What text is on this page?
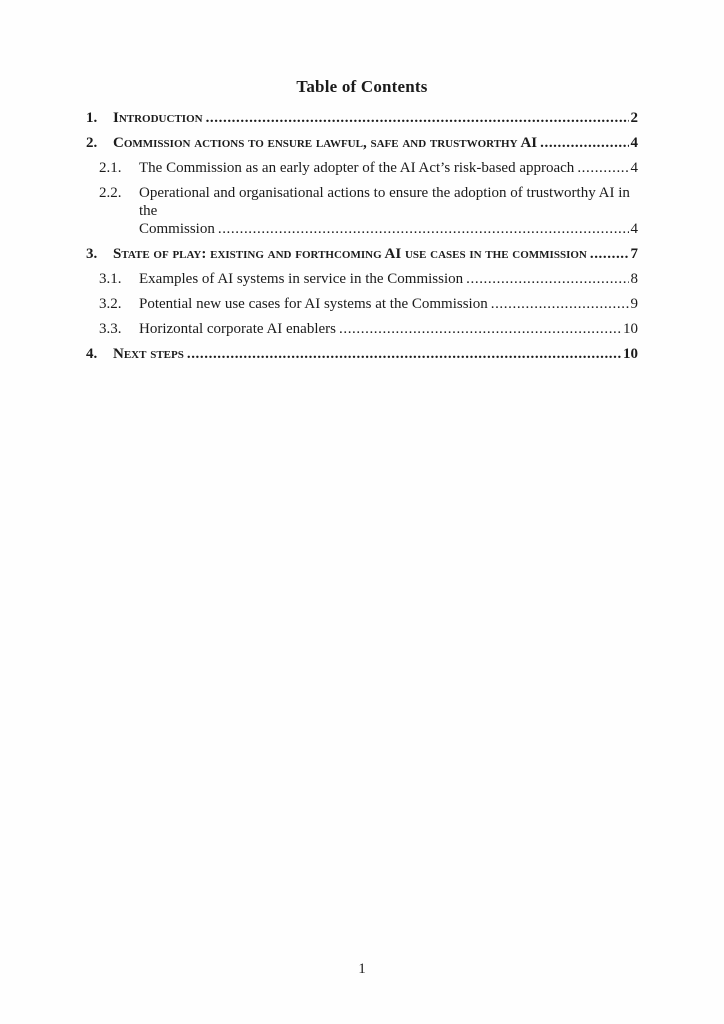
Table of Contents
1.	Introduction .....	2
2.	Commission actions to ensure lawful, safe and trustworthy AI .....	4
2.1.	The Commission as an early adopter of the AI Act’s risk-based approach .....	4
2.2.	Operational and organisational actions to ensure the adoption of trustworthy AI in the
Commission .....	4
3.	State of play: existing and forthcoming AI use cases in the commission .....	7
3.1.	Examples of AI systems in service in the Commission .....	8
3.2.	Potential new use cases for AI systems at the Commission .....	9
3.3.	Horizontal corporate AI enablers .....	10
4.	Next steps .....	10
1
